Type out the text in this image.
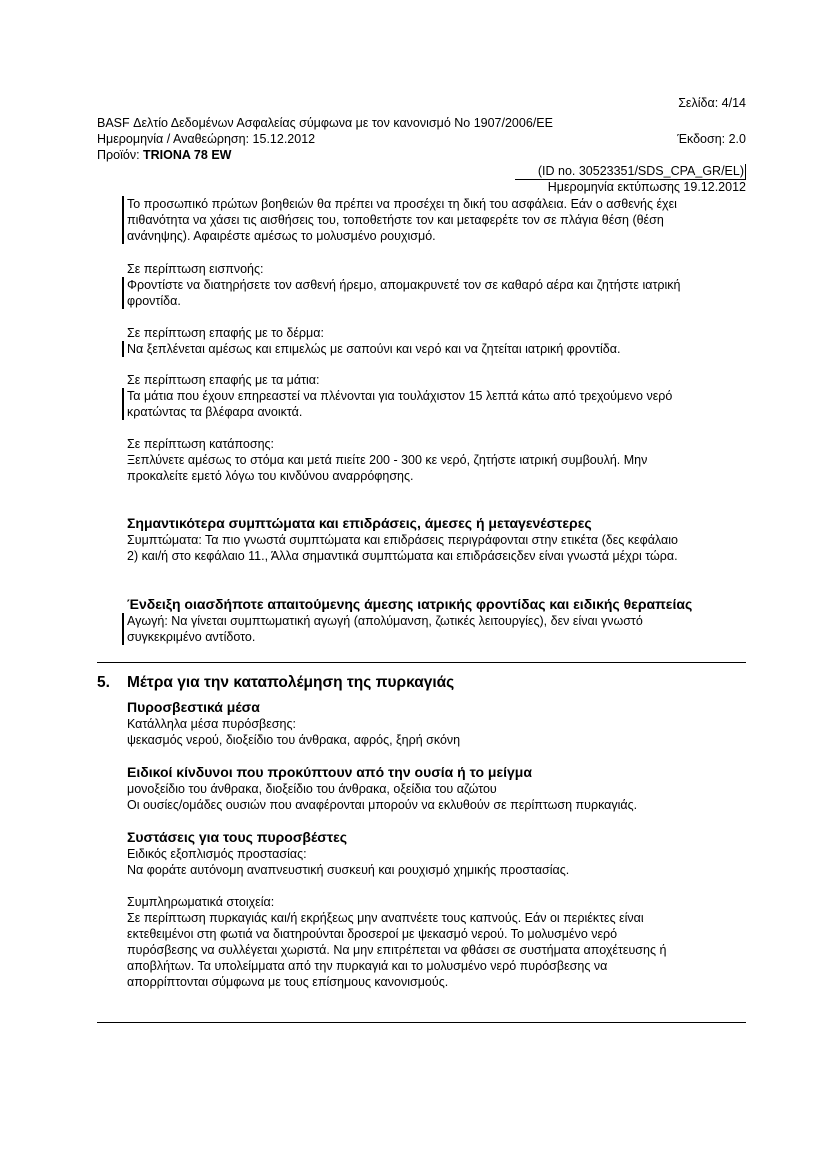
Σελίδα: 4/14
BASF Δελτίο Δεδομένων Ασφαλείας σύμφωνα με τον κανονισμό Νο 1907/2006/ΕΕ
Ημερομηνία / Αναθεώρηση: 15.12.2012	Έκδοση: 2.0
Προϊόν: TRIONA 78 EW
(ID no. 30523351/SDS_CPA_GR/EL)
Ημερομηνία εκτύπωσης 19.12.2012
Το προσωπικό πρώτων βοηθειών θα πρέπει να προσέχει τη δική του ασφάλεια. Εάν ο ασθενής έχει
πιθανότητα να χάσει τις αισθήσεις του, τοποθετήστε τον και μεταφερέτε τον σε πλάγια θέση (θέση
ανάνηψης). Αφαιρέστε αμέσως το μολυσμένο ρουχισμό.
Σε περίπτωση εισπνοής:
Φροντίστε να διατηρήσετε τον ασθενή ήρεμο, απομακρυνετέ τον σε καθαρό αέρα και ζητήστε ιατρική
φροντίδα.
Σε περίπτωση επαφής με το δέρμα:
Να ξεπλένεται αμέσως και επιμελώς με σαπούνι και νερό και να ζητείται ιατρική φροντίδα.
Σε περίπτωση επαφής με τα μάτια:
Τα μάτια που έχουν επηρεαστεί να πλένονται για τουλάχιστον 15 λεπτά κάτω από τρεχούμενο νερό
κρατώντας τα βλέφαρα ανοικτά.
Σε περίπτωση κατάποσης:
Ξεπλύνετε αμέσως το στόμα και μετά πιείτε 200 - 300 κε νερό, ζητήστε ιατρική συμβουλή. Μην
προκαλείτε εμετό λόγω του κινδύνου αναρρόφησης.
Σημαντικότερα συμπτώματα και επιδράσεις, άμεσες ή μεταγενέστερες
Συμπτώματα: Τα πιο γνωστά συμπτώματα και επιδράσεις περιγράφονται στην ετικέτα (δες κεφάλαιο
2) και/ή στο κεφάλαιο 11., Άλλα σημαντικά συμπτώματα και επιδράσειςδεν είναι γνωστά μέχρι τώρα.
Ένδειξη οιασδήποτε απαιτούμενης άμεσης ιατρικής φροντίδας και ειδικής θεραπείας
Αγωγή: Να γίνεται συμπτωματική αγωγή (απολύμανση, ζωτικές λειτουργίες), δεν είναι γνωστό
συγκεκριμένο αντίδοτο.
5. Μέτρα για την καταπολέμηση της πυρκαγιάς
Πυροσβεστικά μέσα
Κατάλληλα μέσα πυρόσβεσης:
ψεκασμός νερού, διοξείδιο του άνθρακα, αφρός, ξηρή σκόνη
Ειδικοί κίνδυνοι που προκύπτουν από την ουσία ή το μείγμα
μονοξείδιο του άνθρακα, διοξείδιο του άνθρακα, οξείδια του αζώτου
Οι ουσίες/ομάδες ουσιών που αναφέρονται μπορούν να εκλυθούν σε περίπτωση πυρκαγιάς.
Συστάσεις για τους πυροσβέστες
Ειδικός εξοπλισμός προστασίας:
Να φοράτε αυτόνομη αναπνευστική συσκευή και ρουχισμό χημικής προστασίας.
Συμπληρωματικά στοιχεία:
Σε περίπτωση πυρκαγιάς και/ή εκρήξεως μην αναπνέετε τους καπνούς. Εάν οι περιέκτες είναι
εκτεθειμένοι στη φωτιά να διατηρούνται δροσεροί με ψεκασμό νερού. Το μολυσμένο νερό
πυρόσβεσης να συλλέγεται χωριστά. Να μην επιτρέπεται να φθάσει σε συστήματα αποχέτευσης ή
αποβλήτων. Τα υπολείμματα από την πυρκαγιά και το μολυσμένο νερό πυρόσβεσης να
απορρίπτονται σύμφωνα με τους επίσημους κανονισμούς.
